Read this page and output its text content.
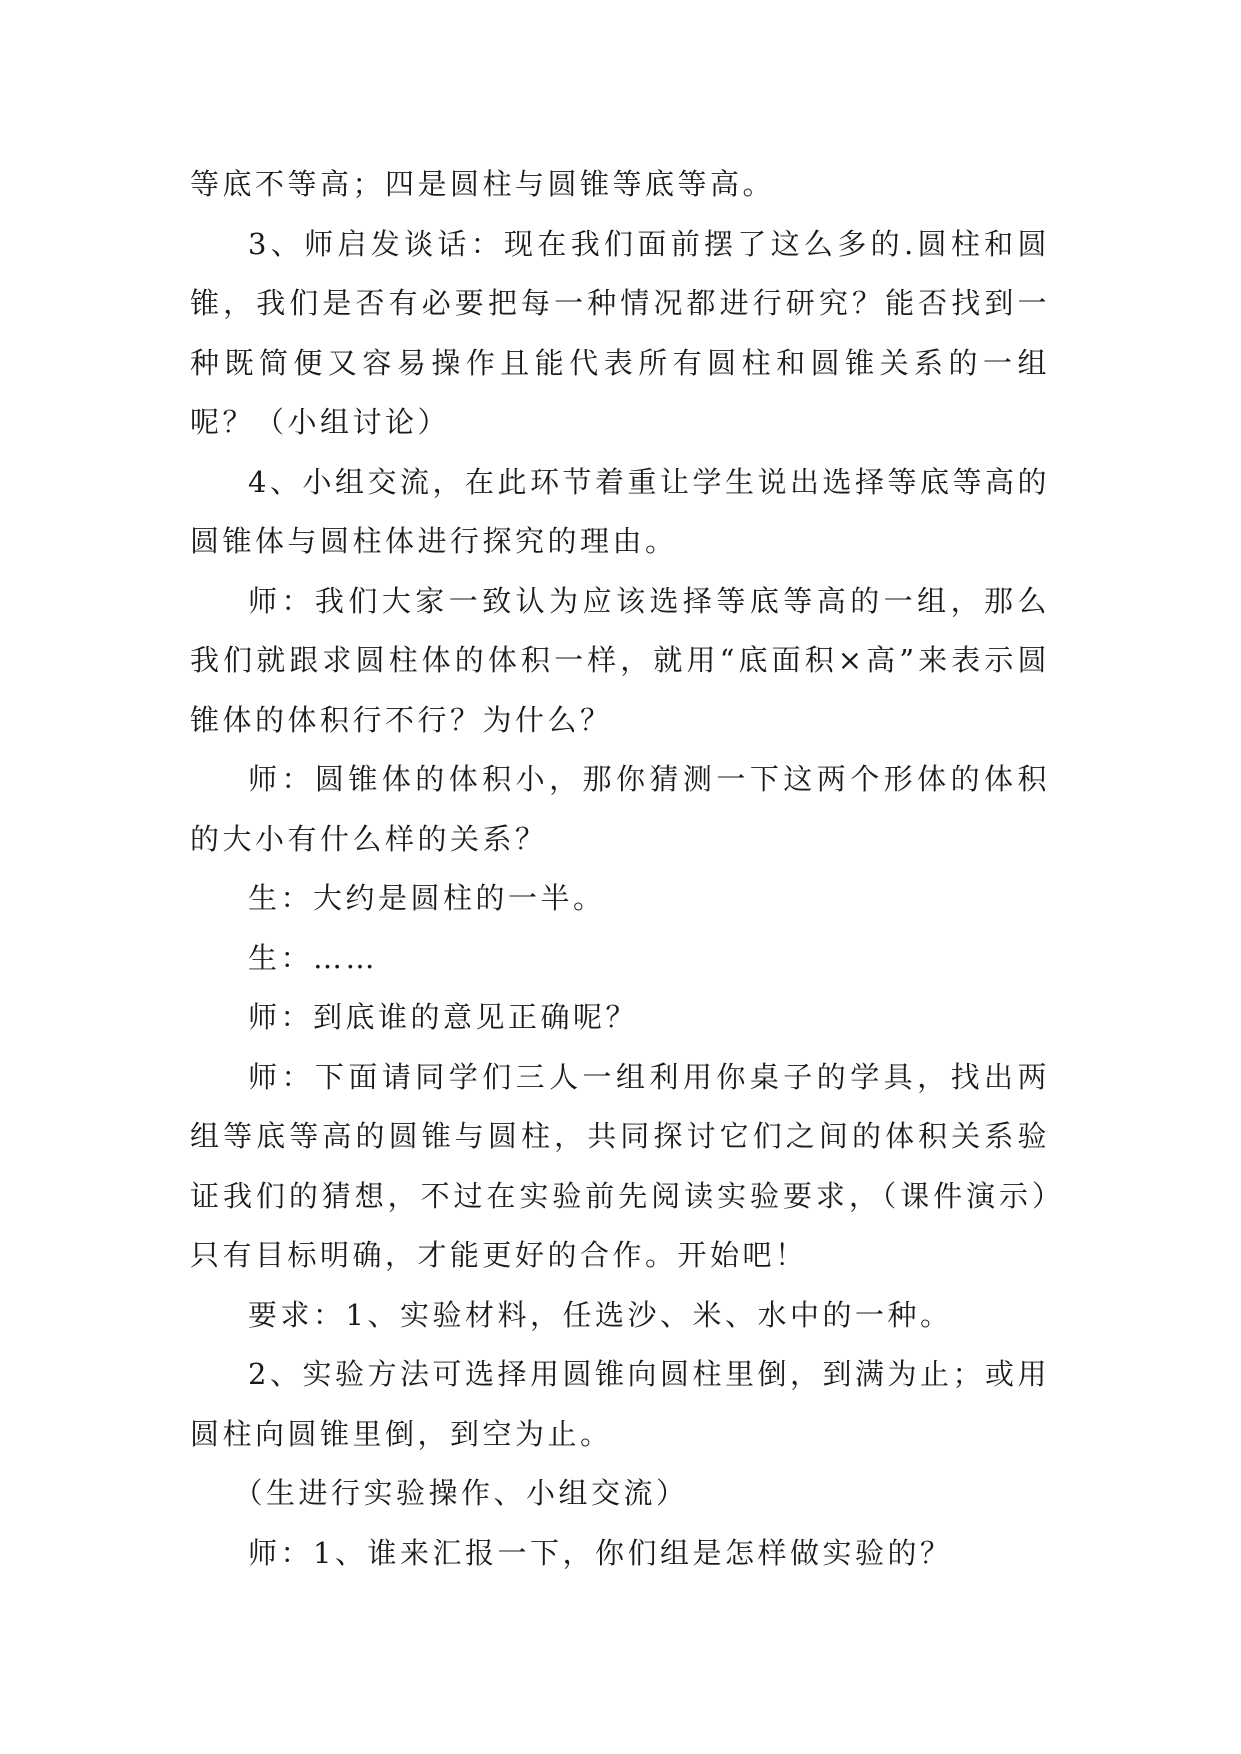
等底不等高；四是圆柱与圆锥等底等高。

3、师启发谈话：现在我们面前摆了这么多的.圆柱和圆锥，我们是否有必要把每一种情况都进行研究？能否找到一种既简便又容易操作且能代表所有圆柱和圆锥关系的一组呢？（小组讨论）

4、小组交流，在此环节着重让学生说出选择等底等高的圆锥体与圆柱体进行探究的理由。

师：我们大家一致认为应该选择等底等高的一组，那么我们就跟求圆柱体的体积一样，就用“底面积×高”来表示圆锥体的体积行不行？为什么？

师：圆锥体的体积小，那你猜测一下这两个形体的体积的大小有什么样的关系？

生：大约是圆柱的一半。

生：……

师：到底谁的意见正确呢？

师：下面请同学们三人一组利用你桌子的学具，找出两组等底等高的圆锥与圆柱，共同探讨它们之间的体积关系验证我们的猜想，不过在实验前先阅读实验要求，（课件演示）只有目标明确，才能更好的合作。开始吧！

要求：1、实验材料，任选沙、米、水中的一种。

2、实验方法可选择用圆锥向圆柱里倒，到满为止；或用圆柱向圆锥里倒，到空为止。

（生进行实验操作、小组交流）

师：1、谁来汇报一下，你们组是怎样做实验的？
